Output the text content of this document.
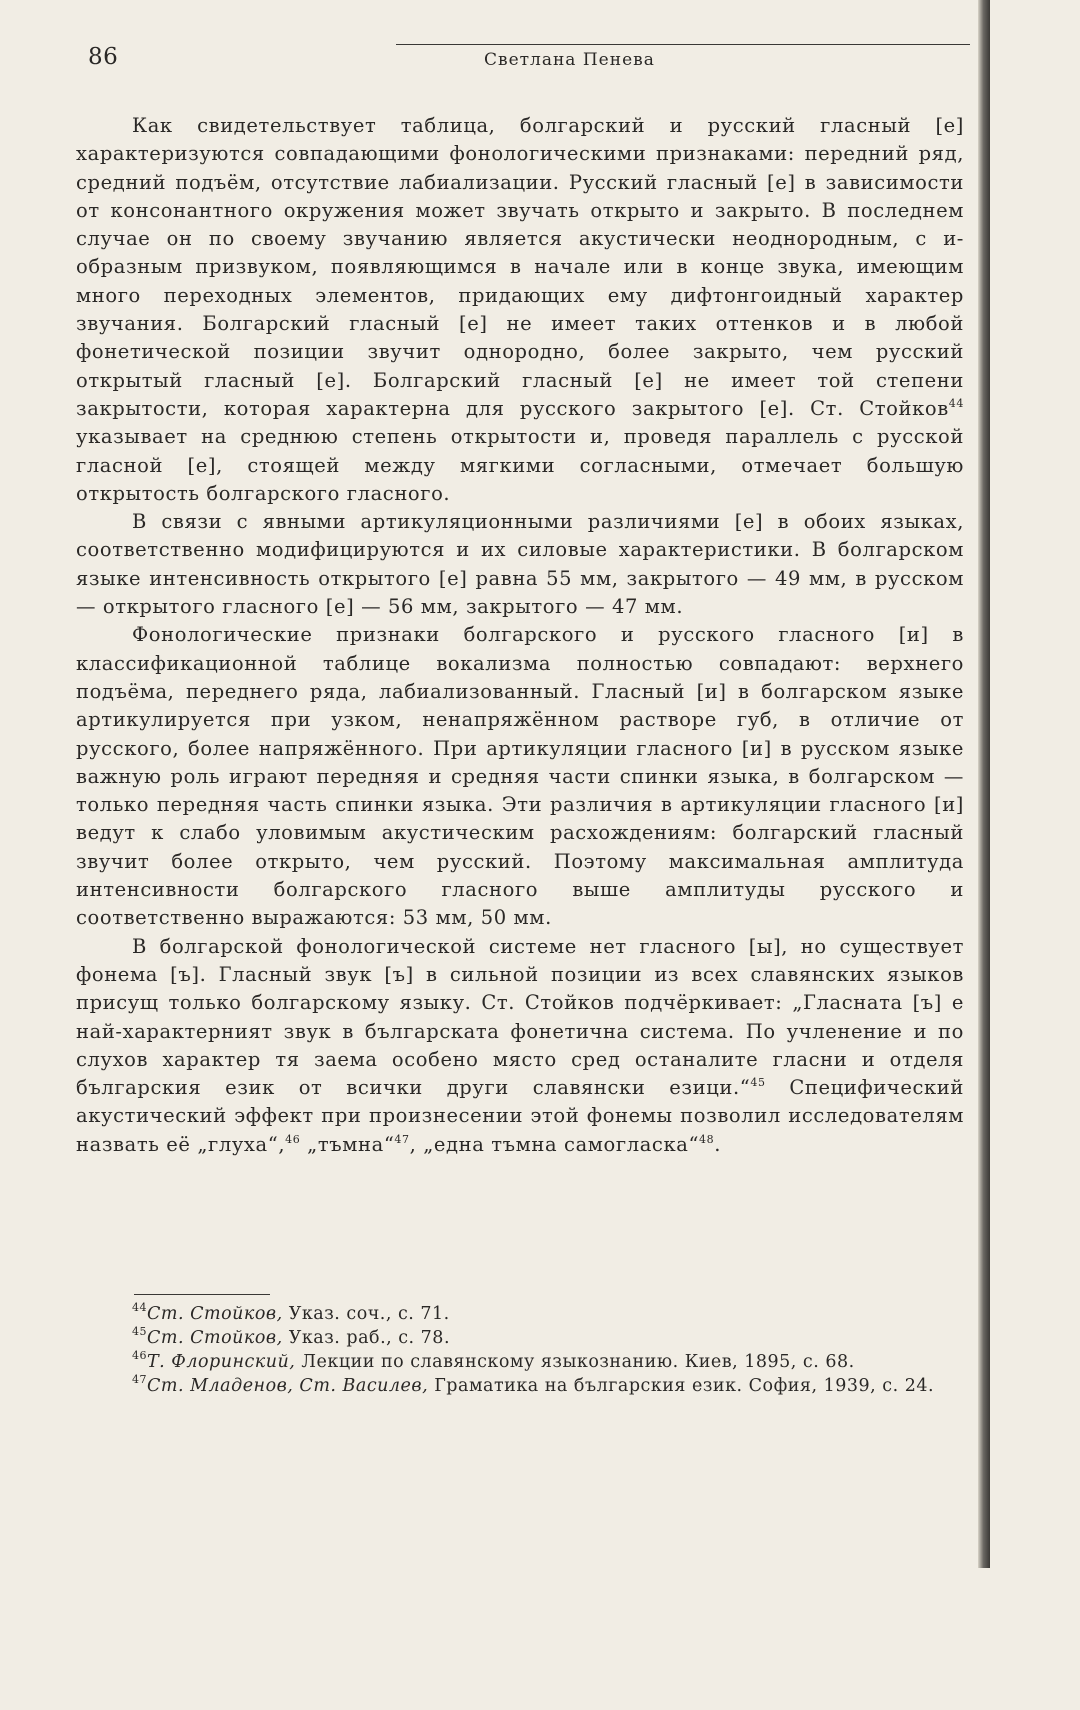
86	Светлана Пенева

Как свидетельствует таблица, болгарский и русский гласный [е] характеризуются совпадающими фонологическими признаками: передний ряд, средний подъём, отсутствие лабиализации. Русский гласный [е] в зависимости от консонантного окружения может звучать открыто и закрыто. В последнем случае он по своему звучанию является акустически неоднородным, с и-образным призвуком, появляющимся в начале или в конце звука, имеющим много переходных элементов, придающих ему дифтонгоидный характер звучания. Болгарский гласный [е] не имеет таких оттенков и в любой фонетической позиции звучит однородно, более закрыто, чем русский открытый гласный [е]. Болгарский гласный [е] не имеет той степени закрытости, которая характерна для русского закрытого [е]. Ст. Стойков$^{44}$ указывает на среднюю степень открытости и, проведя параллель с русской гласной [е], стоящей между мягкими согласными, отмечает большую открытость болгарского гласного.

В связи с явными артикуляционными различиями [е] в обоих языках, соответственно модифицируются и их силовые характеристики. В болгарском языке интенсивность открытого [е] равна 55 мм, закрытого — 49 мм, в русском — открытого гласного [е] — 56 мм, закрытого — 47 мм.

Фонологические признаки болгарского и русского гласного [и] в классификационной таблице вокализма полностью совпадают: верхнего подъёма, переднего ряда, лабиализованный. Гласный [и] в болгарском языке артикулируется при узком, ненапряжённом растворе губ, в отличие от русского, более напряжённого. При артикуляции гласного [и] в русском языке важную роль играют передняя и средняя части спинки языка, в болгарском — только передняя часть спинки языка. Эти различия в артикуляции гласного [и] ведут к слабо уловимым акустическим расхождениям: болгарский гласный звучит более открыто, чем русский. Поэтому максимальная амплитуда интенсивности болгарского гласного выше амплитуды русского и соответственно выражаются: 53 мм, 50 мм.

В болгарской фонологической системе нет гласного [ы], но существует фонема [ъ]. Гласный звук [ъ] в сильной позиции из всех славянских языков присущ только болгарскому языку. Ст. Стойков подчёркивает: „Гласната [ъ] е най-характерният звук в българската фонетична система. По учленение и по слухов характер тя заема особено място сред останалите гласни и отделя българския език от всички други славянски езици.“$^{45}$ Специфический акустический эффект при произнесении этой фонемы позволил исследователям назвать её „глуха“,$^{46}$ „тъмна“$^{47}$, „една тъмна самогласка“$^{48}$.

$^{44}$Ст. Стойков, Указ. соч., с. 71.

$^{45}$Ст. Стойков, Указ. раб., с. 78.

$^{46}$Т. Флоринский, Лекции по славянскому языкознанию. Киев, 1895, с. 68.

$^{47}$Ст. Младенов, Ст. Василев, Граматика на българския език. София, 1939, с. 24.
